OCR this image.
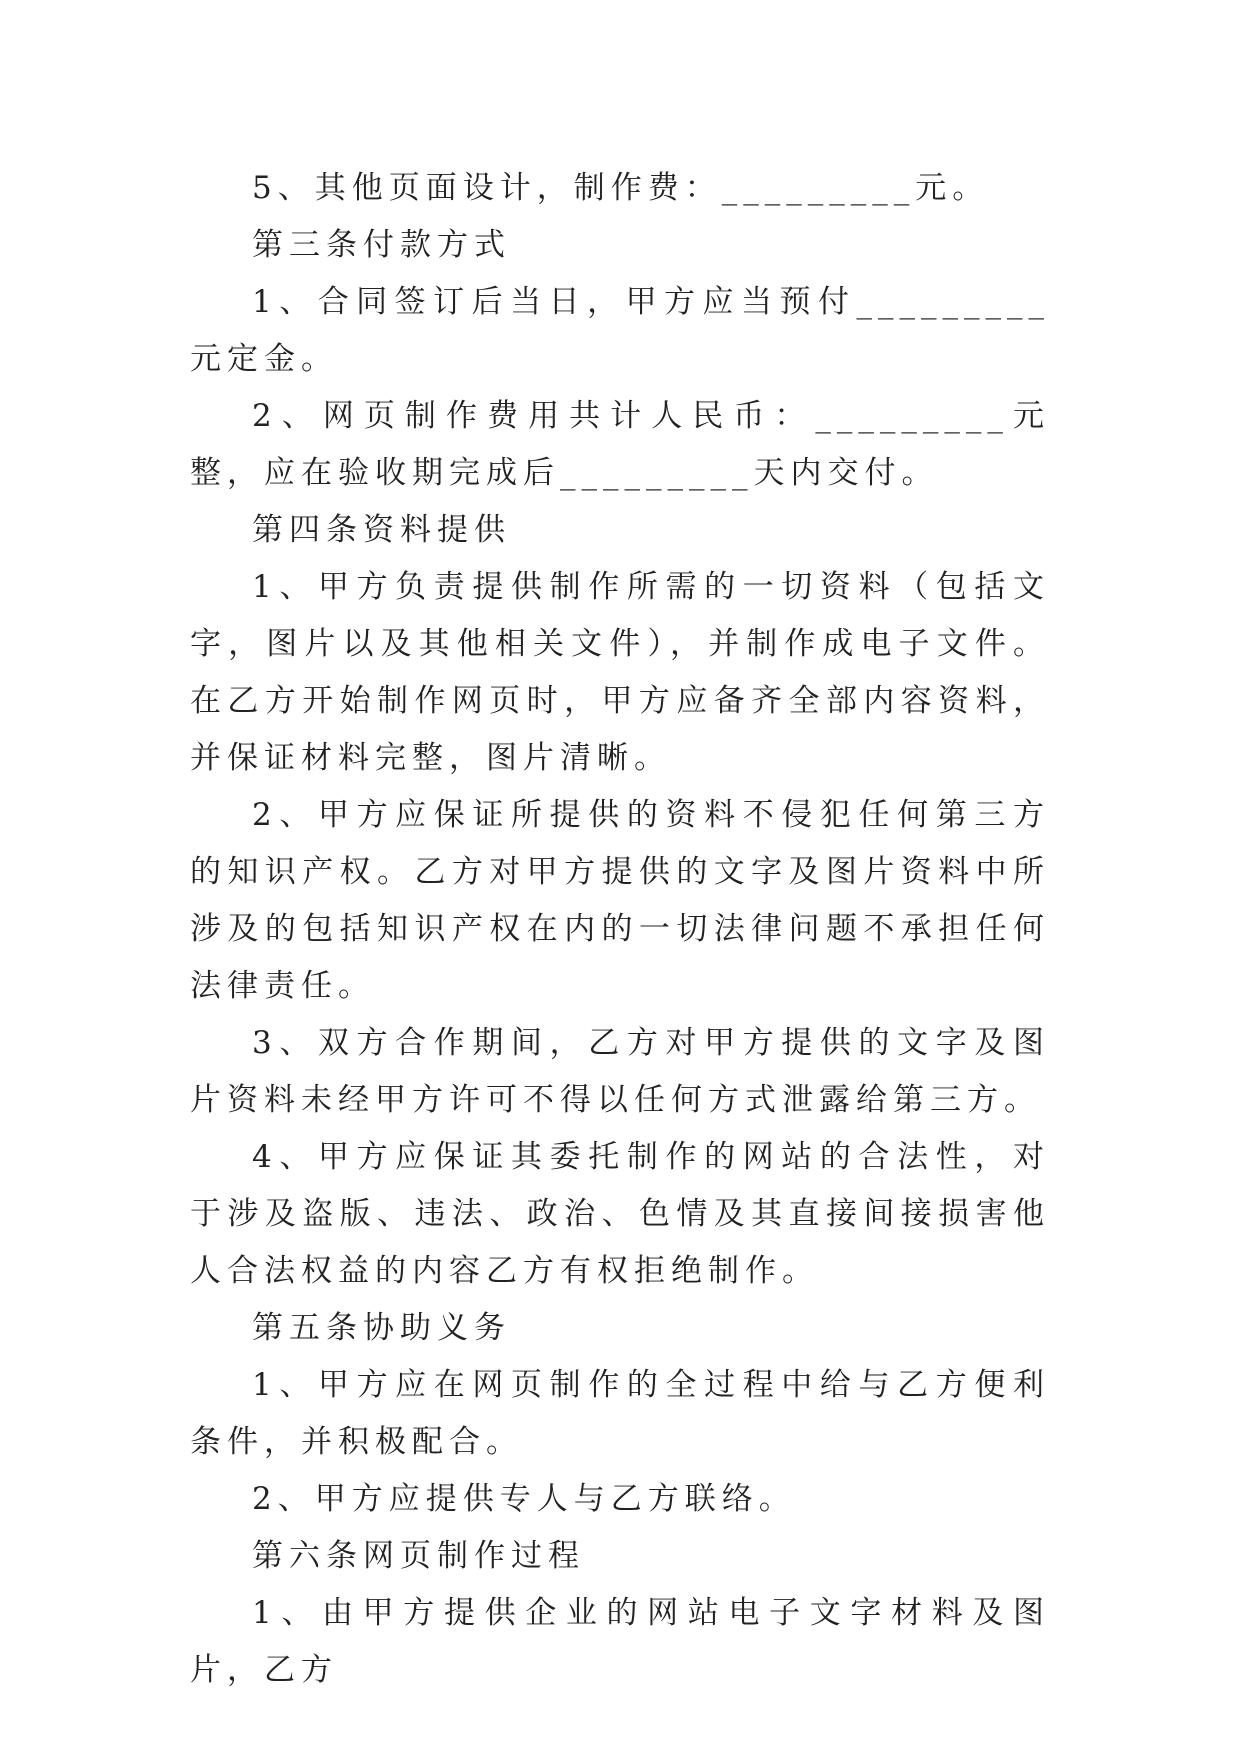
5、其他页面设计，制作费：_________元。

第三条付款方式

1、合同签订后当日，甲方应当预付_________元定金。

2、网页制作费用共计人民币：_________元整，应在验收期完成后_________天内交付。

第四条资料提供

1、甲方负责提供制作所需的一切资料（包括文字，图片以及其他相关文件），并制作成电子文件。在乙方开始制作网页时，甲方应备齐全部内容资料，并保证材料完整，图片清晰。

2、甲方应保证所提供的资料不侵犯任何第三方的知识产权。乙方对甲方提供的文字及图片资料中所涉及的包括知识产权在内的一切法律问题不承担任何法律责任。

3、双方合作期间，乙方对甲方提供的文字及图片资料未经甲方许可不得以任何方式泄露给第三方。

4、甲方应保证其委托制作的网站的合法性，对于涉及盗版、违法、政治、色情及其直接间接损害他人合法权益的内容乙方有权拒绝制作。

第五条协助义务

1、甲方应在网页制作的全过程中给与乙方便利条件，并积极配合。

2、甲方应提供专人与乙方联络。

第六条网页制作过程

1、由甲方提供企业的网站电子文字材料及图片，乙方
